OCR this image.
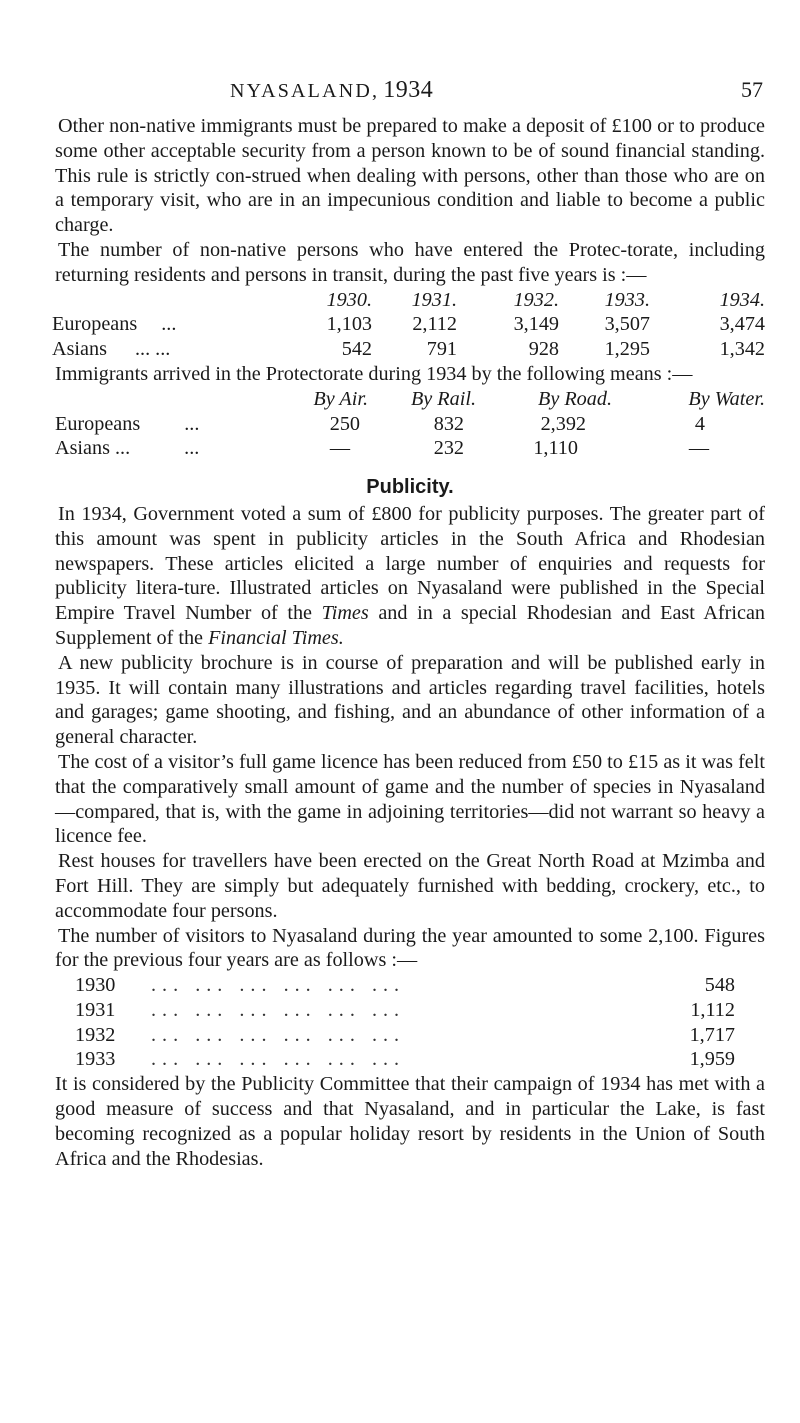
NYASALAND, 1934	57

Other non-native immigrants must be prepared to make a deposit of £100 or to produce some other acceptable security from a person known to be of sound financial standing. This rule is strictly con-strued when dealing with persons, other than those who are on a temporary visit, who are in an impecunious condition and liable to become a public charge.

The number of non-native persons who have entered the Protec-torate, including returning residents and persons in transit, during the past five years is :—

1930.	1931.	1932.	1933.	1934.
Europeans ...	1,103	2,112	3,149	3,507	3,474
Asians ... ...	542	791	928	1,295	1,342

Immigrants arrived in the Protectorate during 1934 by the following means :—

By Air.	By Rail.	By Road.	By Water.
Europeans ...	250	832	2,392	4
Asians ...	...	—	232	1,110	—
Publicity.

In 1934, Government voted a sum of £800 for publicity purposes. The greater part of this amount was spent in publicity articles in the South Africa and Rhodesian newspapers. These articles elicited a large number of enquiries and requests for publicity litera-ture. Illustrated articles on Nyasaland were published in the Special Empire Travel Number of the Times and in a special Rhodesian and East African Supplement of the Financial Times.

A new publicity brochure is in course of preparation and will be published early in 1935. It will contain many illustrations and articles regarding travel facilities, hotels and garages; game shooting, and fishing, and an abundance of other information of a general character.

The cost of a visitor’s full game licence has been reduced from £50 to £15 as it was felt that the comparatively small amount of game and the number of species in Nyasaland—compared, that is, with the game in adjoining territories—did not warrant so heavy a licence fee.

Rest houses for travellers have been erected on the Great North Road at Mzimba and Fort Hill. They are simply but adequately furnished with bedding, crockery, etc., to accommodate four persons.

The number of visitors to Nyasaland during the year amounted to some 2,100. Figures for the previous four years are as follows :—

1930	... ... ... ... ... ...	548
1931	... ... ... ... ... ...	1,112
1932	... ... ... ... ... ...	1,717
1933	... ... ... ... ... ...	1,959

It is considered by the Publicity Committee that their campaign of 1934 has met with a good measure of success and that Nyasaland, and in particular the Lake, is fast becoming recognized as a popular holiday resort by residents in the Union of South Africa and the Rhodesias.
